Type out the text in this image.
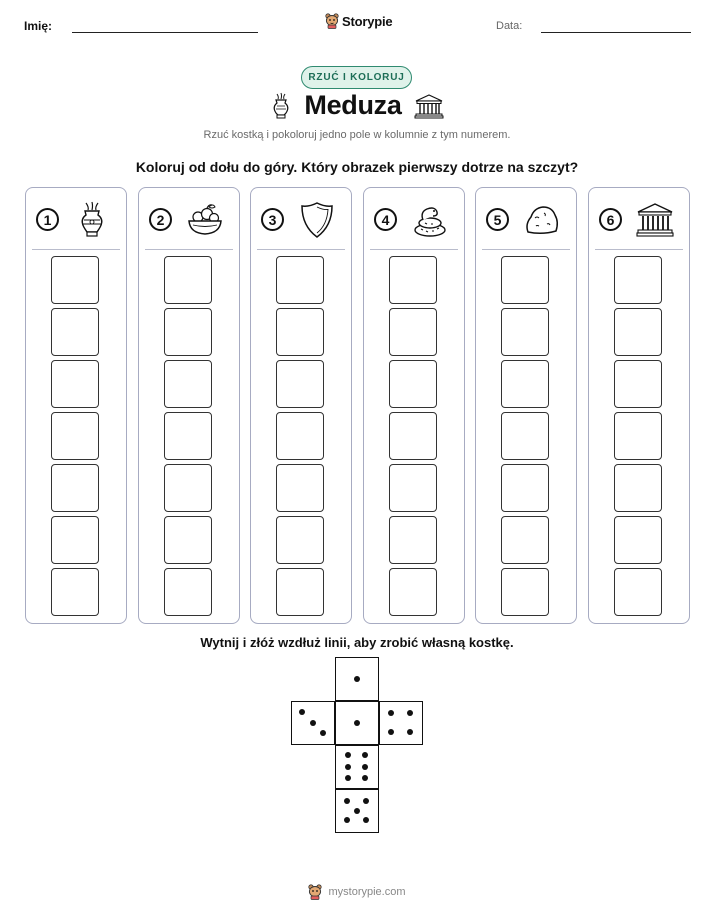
Imię:	Storypie	Data:
RZUĆ I KOLORUJ
Meduza
Rzuć kostką i pokoloruj jedno pole w kolumnie z tym numerem.
Koloruj od dołu do góry. Który obrazek pierwszy dotrze na szczyt?
1	2	3	4	5	6
Wytnij i złóż wzdłuż linii, aby zrobić własną kostkę.
mystorypie.com
